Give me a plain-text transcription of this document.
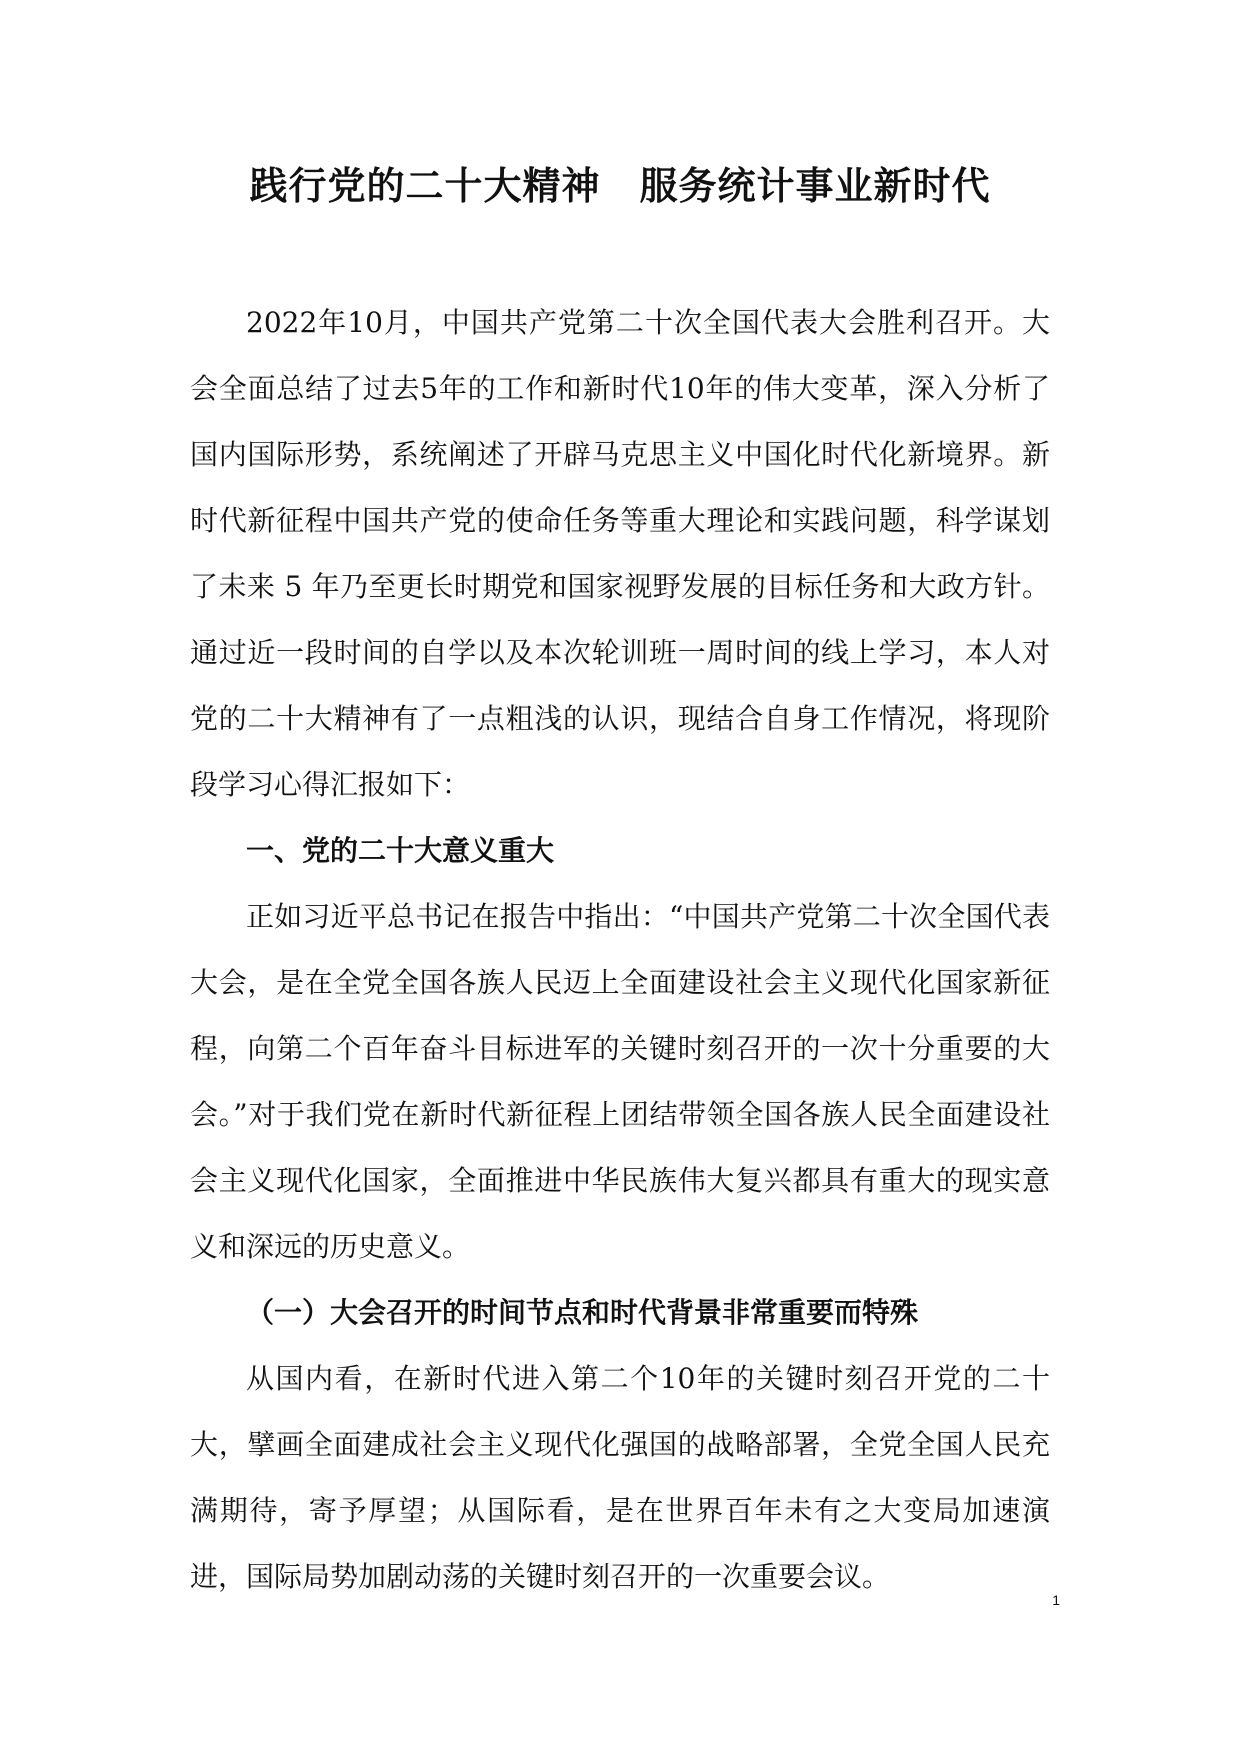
践行党的二十大精神　服务统计事业新时代

2022年10月，中国共产党第二十次全国代表大会胜利召开。大会全面总结了过去5年的工作和新时代10年的伟大变革，深入分析了国内国际形势，系统阐述了开辟马克思主义中国化时代化新境界。新时代新征程中国共产党的使命任务等重大理论和实践问题，科学谋划了未来 5 年乃至更长时期党和国家视野发展的目标任务和大政方针。通过近一段时间的自学以及本次轮训班一周时间的线上学习，本人对党的二十大精神有了一点粗浅的认识，现结合自身工作情况，将现阶段学习心得汇报如下：

一、党的二十大意义重大

正如习近平总书记在报告中指出：“中国共产党第二十次全国代表大会，是在全党全国各族人民迈上全面建设社会主义现代化国家新征程，向第二个百年奋斗目标进军的关键时刻召开的一次十分重要的大会。”对于我们党在新时代新征程上团结带领全国各族人民全面建设社会主义现代化国家，全面推进中华民族伟大复兴都具有重大的现实意义和深远的历史意义。

（一）大会召开的时间节点和时代背景非常重要而特殊

从国内看，在新时代进入第二个10年的关键时刻召开党的二十大，擘画全面建成社会主义现代化强国的战略部署，全党全国人民充满期待，寄予厚望；从国际看，是在世界百年未有之大变局加速演进，国际局势加剧动荡的关键时刻召开的一次重要会议。

1
